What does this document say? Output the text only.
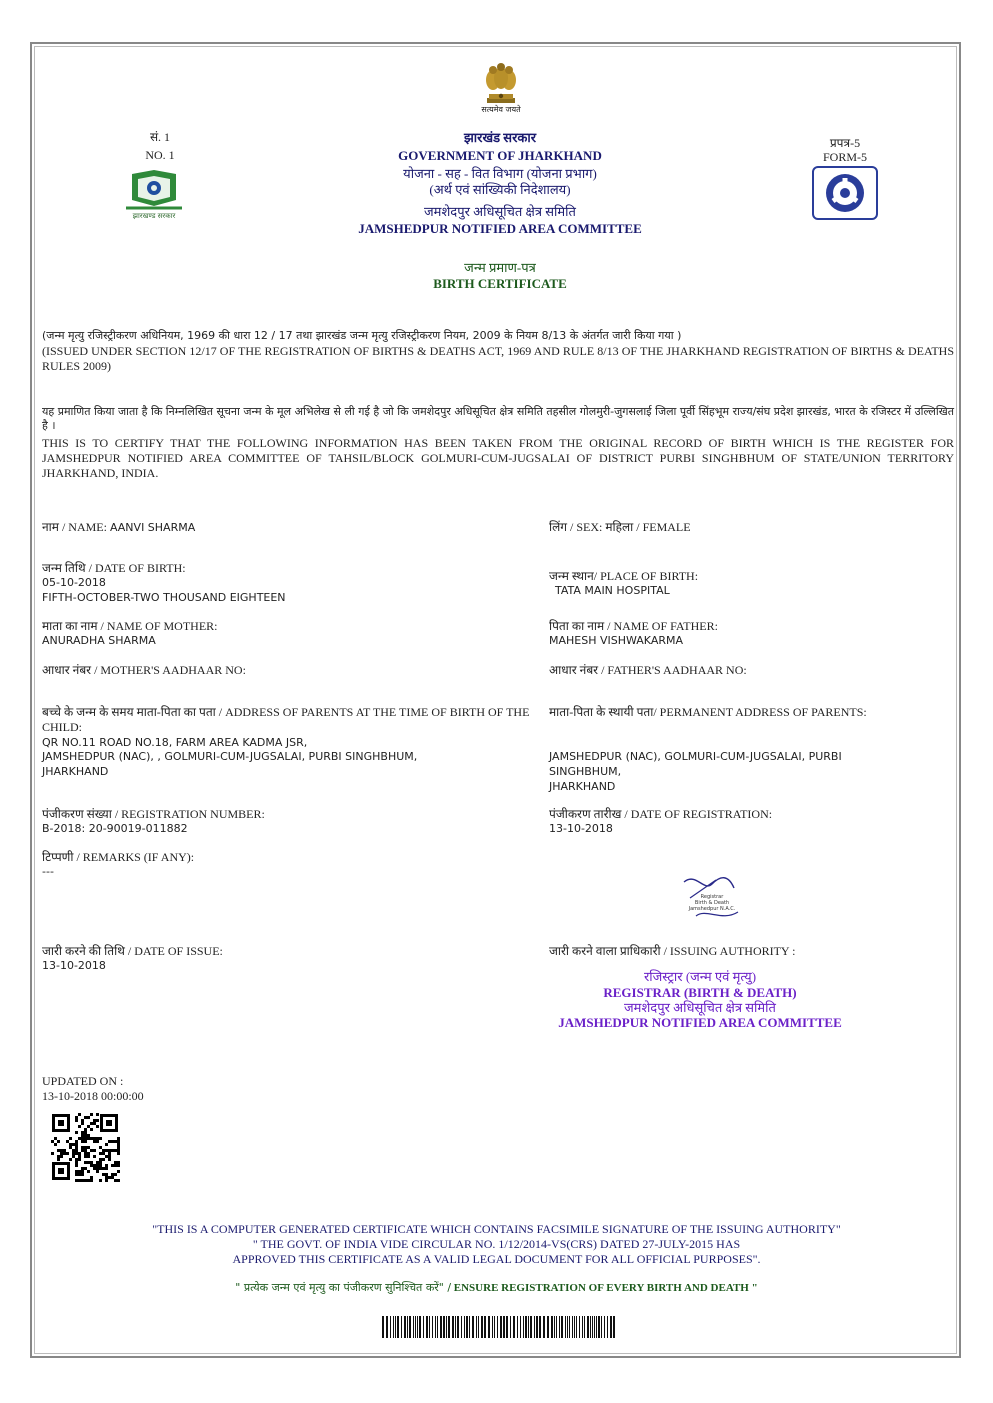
सत्यमेव जयते
सं. 1
NO. 1
झारखण्ड सरकार
प्रपत्र-5
FORM-5
झारखंड सरकार
GOVERNMENT OF JHARKHAND
योजना - सह - वित विभाग (योजना प्रभाग)
(अर्थ एवं सांख्यिकी निदेशालय)
जमशेदपुर अधिसूचित क्षेत्र समिति
JAMSHEDPUR NOTIFIED AREA COMMITTEE
जन्म प्रमाण-पत्र
BIRTH CERTIFICATE
(जन्म मृत्यु रजिस्ट्रीकरण अधिनियम, 1969 की धारा 12 / 17 तथा झारखंड जन्म मृत्यु रजिस्ट्रीकरण नियम, 2009 के नियम 8/13 के अंतर्गत जारी किया गया )
(ISSUED UNDER SECTION 12/17 OF THE REGISTRATION OF BIRTHS & DEATHS ACT, 1969 AND RULE 8/13 OF THE JHARKHAND REGISTRATION OF BIRTHS & DEATHS RULES 2009)
यह प्रमाणित किया जाता है कि निम्नलिखित सूचना जन्म के मूल अभिलेख से ली गई है जो कि जमशेदपुर अधिसूचित क्षेत्र समिति तहसील गोलमुरी-जुगसलाई जिला पूर्वी सिंहभूम राज्य/संघ प्रदेश झारखंड, भारत के रजिस्टर में उल्लिखित है ।
THIS IS TO CERTIFY THAT THE FOLLOWING INFORMATION HAS BEEN TAKEN FROM THE ORIGINAL RECORD OF BIRTH WHICH IS THE REGISTER FOR JAMSHEDPUR NOTIFIED AREA COMMITTEE OF TAHSIL/BLOCK GOLMURI-CUM-JUGSALAI OF DISTRICT PURBI SINGHBHUM OF STATE/UNION TERRITORY JHARKHAND, INDIA.
नाम / NAME: AANVI SHARMA
जन्म तिथि / DATE OF BIRTH:
05-10-2018
FIFTH-OCTOBER-TWO THOUSAND EIGHTEEN
माता का नाम / NAME OF MOTHER:
ANURADHA SHARMA
आधार नंबर / MOTHER'S AADHAAR NO:
बच्चे के जन्म के समय माता-पिता का पता / ADDRESS OF PARENTS AT THE TIME OF BIRTH OF THE CHILD:
QR NO.11 ROAD NO.18, FARM AREA KADMA JSR,
JAMSHEDPUR (NAC), , GOLMURI-CUM-JUGSALAI, PURBI SINGHBHUM,
JHARKHAND
पंजीकरण संख्या / REGISTRATION NUMBER:
B-2018: 20-90019-011882
टिप्पणी / REMARKS (IF ANY):
---
जारी करने की तिथि / DATE OF ISSUE:
13-10-2018
लिंग / SEX: महिला / FEMALE
जन्म स्थान/ PLACE OF BIRTH:
TATA MAIN HOSPITAL
पिता का नाम / NAME OF FATHER:
MAHESH VISHWAKARMA
आधार नंबर / FATHER'S AADHAAR NO:
माता-पिता के स्थायी पता/ PERMANENT ADDRESS OF PARENTS:
JAMSHEDPUR (NAC), GOLMURI-CUM-JUGSALAI, PURBI
SINGHBHUM,
JHARKHAND
पंजीकरण तारीख / DATE OF REGISTRATION:
13-10-2018
Registrar
Birth & Death
Jamshedpur N.A.C.
जारी करने वाला प्राधिकारी / ISSUING AUTHORITY :
रजिस्ट्रार (जन्म एवं मृत्यु)
REGISTRAR (BIRTH & DEATH)
जमशेदपुर अधिसूचित क्षेत्र समिति
JAMSHEDPUR NOTIFIED AREA COMMITTEE
UPDATED ON :
13-10-2018 00:00:00
"THIS IS A COMPUTER GENERATED CERTIFICATE WHICH CONTAINS FACSIMILE SIGNATURE OF THE ISSUING AUTHORITY"
" THE GOVT. OF INDIA VIDE CIRCULAR NO. 1/12/2014-VS(CRS) DATED 27-JULY-2015 HAS
APPROVED THIS CERTIFICATE AS A VALID LEGAL DOCUMENT FOR ALL OFFICIAL PURPOSES".
" प्रत्येक जन्म एवं मृत्यु का पंजीकरण सुनिश्चित करें" / ENSURE REGISTRATION OF EVERY BIRTH AND DEATH "
